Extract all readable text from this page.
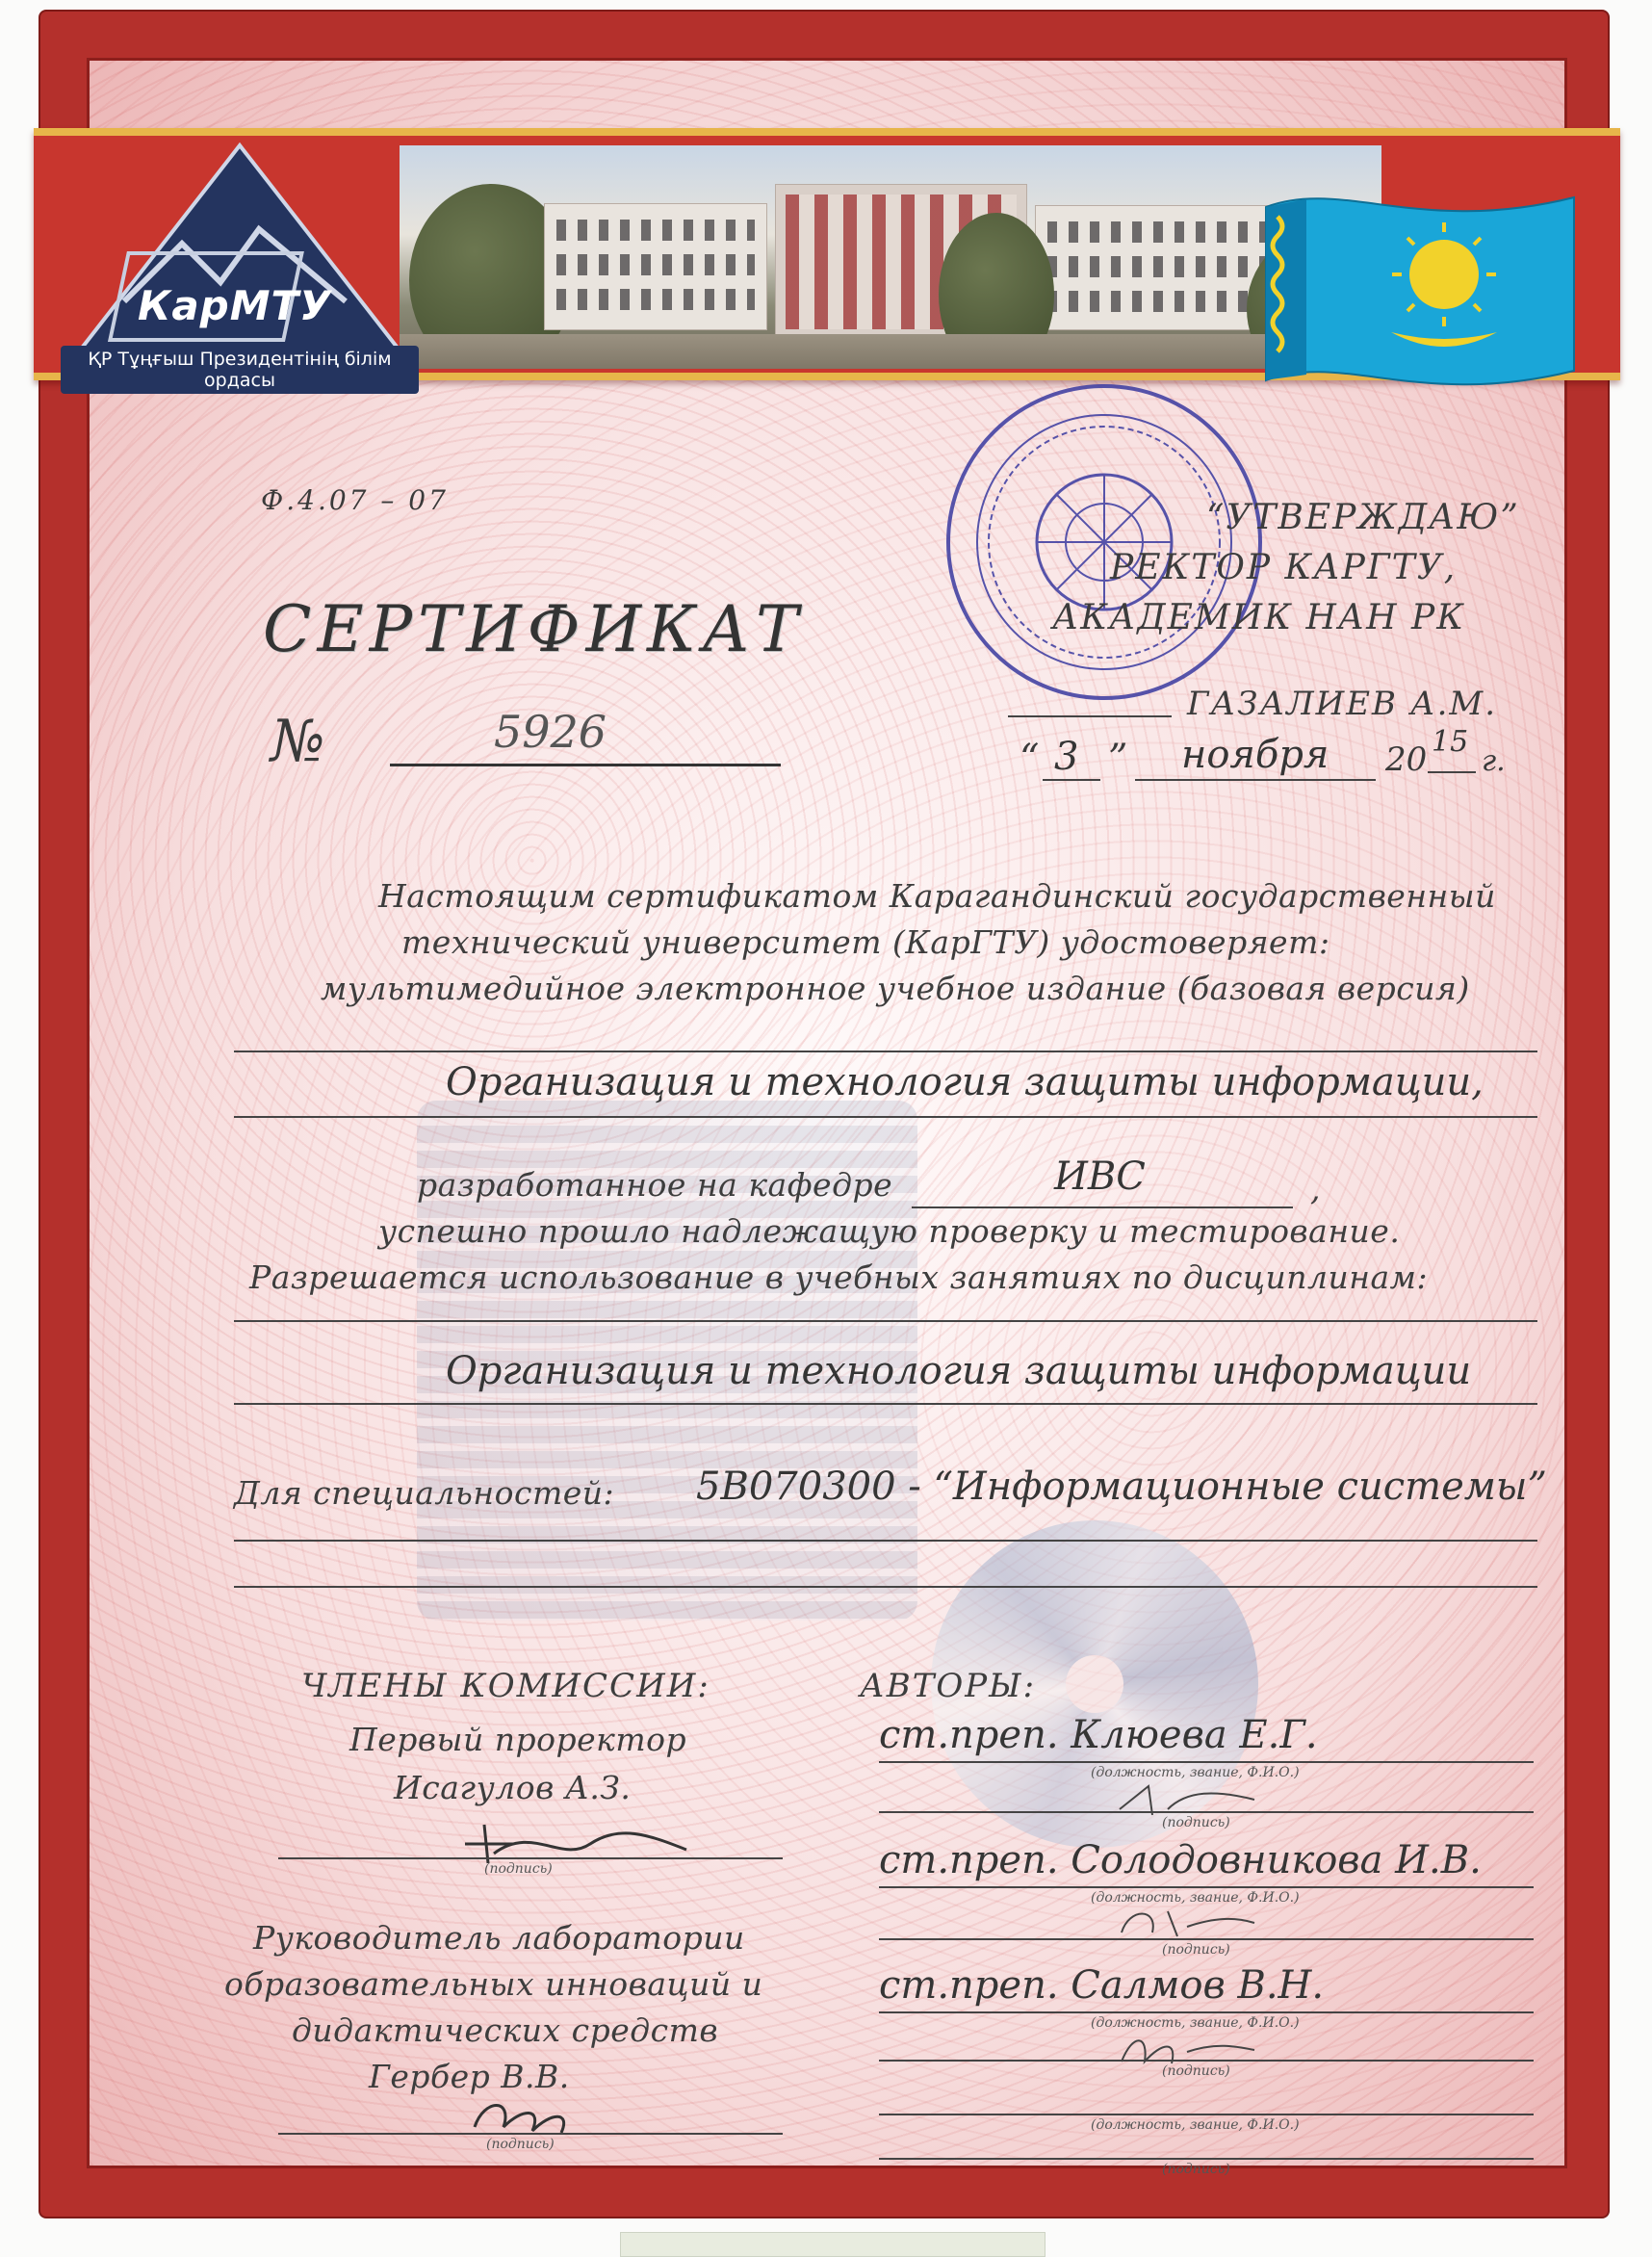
КарМТУ
ҚР Тұңғыш Президентінің білім ордасы
Ф.4.07 – 07
СЕРТИФИКАТ
№	5926
“УТВЕРЖДАЮ”
РЕКТОР КАРГТУ,
АКАДЕМИК НАН РК
ГАЗАЛИЕВ А.М.
“ 3 ” ноября 20 15
г.
Настоящим сертификатом Карагандинский государственный
технический университет (КарГТУ) удостоверяет:
мультимедийное электронное учебное издание (базовая версия)
Организация и технология защиты информации,
разработанное на кафедре	ИВС	,
успешно прошло надлежащую проверку и тестирование.
Разрешается использование в учебных занятиях по дисциплинам:
Организация и технология защиты информации
Для специальностей: 5В070300 - “Информационные системы”
ЧЛЕНЫ КОМИССИИ:
Первый проректор
Исагулов А.З.
(подпись)
Руководитель лаборатории
образовательных инноваций и
дидактических средств
Гербер В.В.
(подпись)
АВТОРЫ:
ст.преп. Клюева Е.Г.
(должность, звание, Ф.И.О.)
(подпись)
ст.преп. Солодовникова И.В.
(должность, звание, Ф.И.О.)
(подпись)
ст.преп. Салмов В.Н.
(должность, звание, Ф.И.О.)
(подпись)
(должность, звание, Ф.И.О.)
(подпись)
